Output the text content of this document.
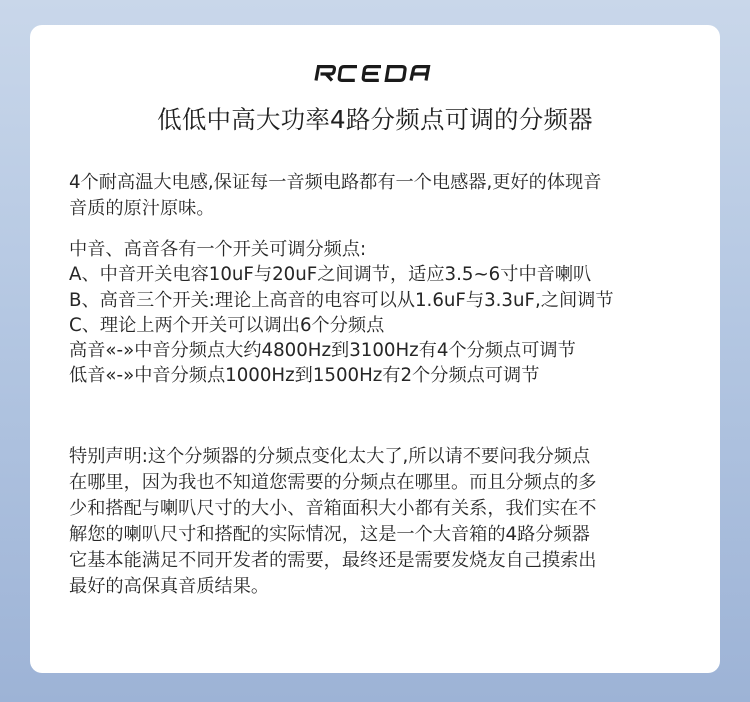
低低中高大功率4路分频点可调的分频器

4个耐高温大电感,保证每一音频电路都有一个电感器,更好的体现音
音质的原汁原味。

中音、高音各有一个开关可调分频点:
A、中音开关电容10uF与20uF之间调节，适应3.5~6寸中音喇叭
B、高音三个开关:理论上高音的电容可以从1.6uF与3.3uF,之间调节
C、理论上两个开关可以调出6个分频点
高音«-»中音分频点大约4800Hz到3100Hz有4个分频点可调节
低音«-»中音分频点1000Hz到1500Hz有2个分频点可调节

特别声明:这个分频器的分频点变化太大了,所以请不要问我分频点
在哪里，因为我也不知道您需要的分频点在哪里。而且分频点的多
少和搭配与喇叭尺寸的大小、音箱面积大小都有关系，我们实在不
解您的喇叭尺寸和搭配的实际情况，这是一个大音箱的4路分频器
它基本能满足不同开发者的需要，最终还是需要发烧友自己摸索出
最好的高保真音质结果。
